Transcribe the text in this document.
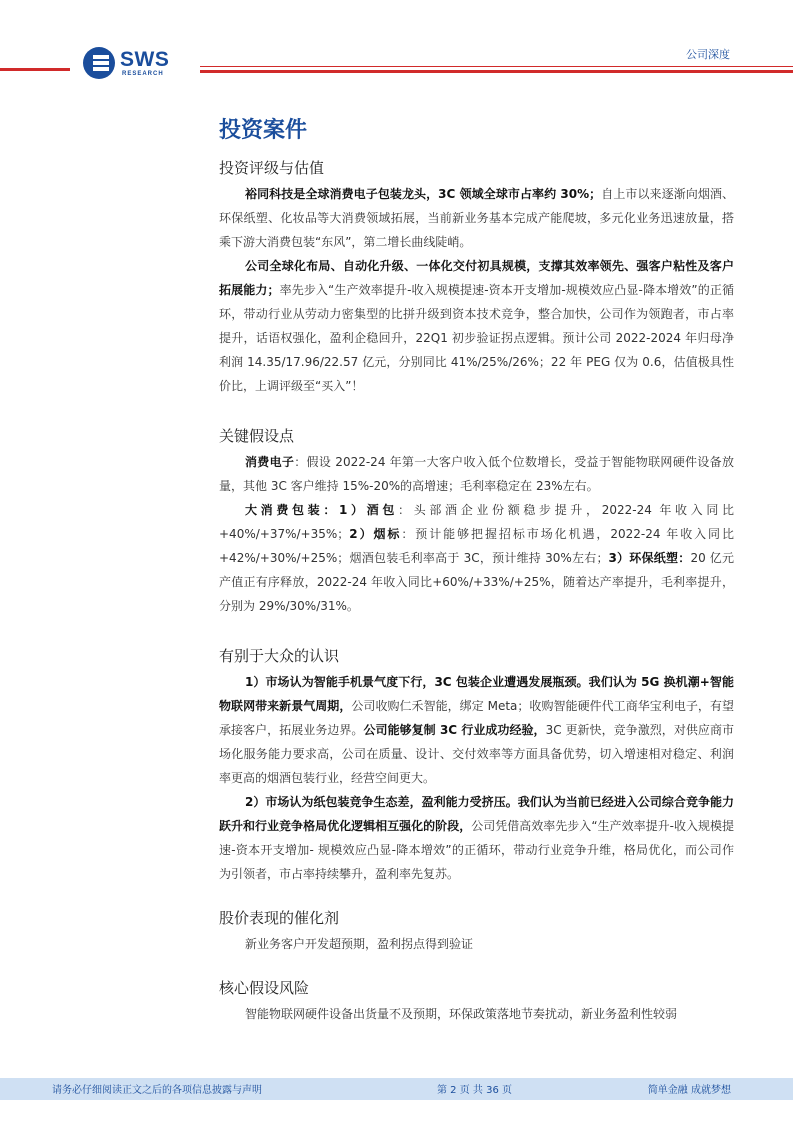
SWS
RESEARCH
公司深度
投资案件
投资评级与估值

裕同科技是全球消费电子包装龙头，3C 领域全球市占率约 30%；自上市以来逐渐向烟酒、环保纸塑、化妆品等大消费领域拓展，当前新业务基本完成产能爬坡，多元化业务迅速放量，搭乘下游大消费包装“东风”，第二增长曲线陡峭。

公司全球化布局、自动化升级、一体化交付初具规模，支撑其效率领先、强客户粘性及客户拓展能力；率先步入“生产效率提升-收入规模提速-资本开支增加-规模效应凸显-降本增效”的正循环，带动行业从劳动力密集型的比拼升级到资本技术竞争，整合加快，公司作为领跑者，市占率提升，话语权强化，盈利企稳回升，22Q1 初步验证拐点逻辑。预计公司 2022-2024 年归母净利润 14.35/17.96/22.57 亿元，分别同比 41%/25%/26%；22 年 PEG 仅为 0.6，估值极具性价比，上调评级至“买入”！

关键假设点

消费电子：假设 2022-24 年第一大客户收入低个位数增长，受益于智能物联网硬件设备放量，其他 3C 客户维持 15%-20%的高增速；毛利率稳定在 23%左右。

大消费包装：1）酒包：头部酒企业份额稳步提升，2022-24 年收入同比+40%/+37%/+35%；2）烟标：预计能够把握招标市场化机遇，2022-24 年收入同比+42%/+30%/+25%；烟酒包装毛利率高于 3C，预计维持 30%左右；3）环保纸塑：20 亿元产值正有序释放，2022-24 年收入同比+60%/+33%/+25%，随着达产率提升，毛利率提升，分别为 29%/30%/31%。

有别于大众的认识

1）市场认为智能手机景气度下行，3C 包装企业遭遇发展瓶颈。我们认为 5G 换机潮+智能物联网带来新景气周期，公司收购仁禾智能，绑定 Meta；收购智能硬件代工商华宝利电子，有望承接客户，拓展业务边界。公司能够复制 3C 行业成功经验，3C 更新快，竞争激烈，对供应商市场化服务能力要求高，公司在质量、设计、交付效率等方面具备优势，切入增速相对稳定、利润率更高的烟酒包装行业，经营空间更大。

2）市场认为纸包装竞争生态差，盈利能力受挤压。我们认为当前已经进入公司综合竞争能力跃升和行业竞争格局优化逻辑相互强化的阶段，公司凭借高效率先步入“生产效率提升-收入规模提速-资本开支增加- 规模效应凸显-降本增效”的正循环，带动行业竞争升维，格局优化，而公司作为引领者，市占率持续攀升，盈利率先复苏。

股价表现的催化剂

新业务客户开发超预期，盈利拐点得到验证

核心假设风险

智能物联网硬件设备出货量不及预期，环保政策落地节奏扰动，新业务盈利性较弱

请务必仔细阅读正文之后的各项信息披露与声明	第 2 页 共 36 页	简单金融 成就梦想
